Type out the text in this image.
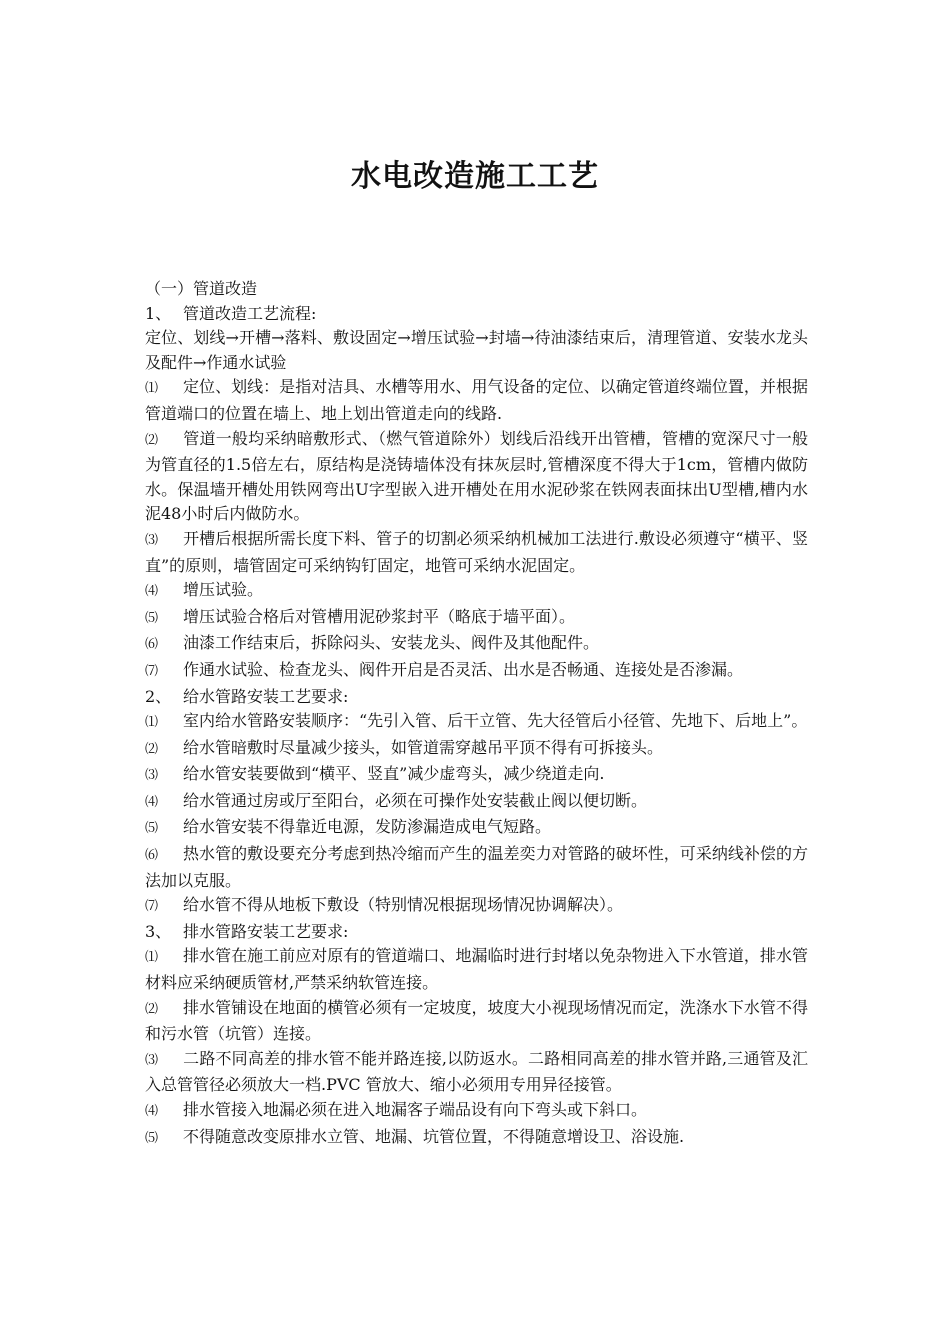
水电改造施工工艺

（一）管道改造

1、 管道改造工艺流程:

定位、划线→开槽→落料、敷设固定→增压试验→封墙→待油漆结束后，清理管道、安装水龙头及配件→作通水试验

⑴ 定位、划线：是指对洁具、水槽等用水、用气设备的定位、以确定管道终端位置，并根据管道端口的位置在墙上、地上划出管道走向的线路.

⑵ 管道一般均采纳暗敷形式、（燃气管道除外）划线后沿线开出管槽，管槽的宽深尺寸一般为管直径的1.5倍左右，原结构是浇铸墙体没有抹灰层时,管槽深度不得大于1cm，管槽内做防水。保温墙开槽处用铁网弯出U字型嵌入进开槽处在用水泥砂浆在铁网表面抹出U型槽,槽内水泥48小时后内做防水。

⑶ 开槽后根据所需长度下料、管子的切割必须采纳机械加工法进行.敷设必须遵守“横平、竖直”的原则，墙管固定可采纳钩钉固定，地管可采纳水泥固定。

⑷ 增压试验。

⑸ 增压试验合格后对管槽用泥砂浆封平（略底于墙平面）。

⑹ 油漆工作结束后，拆除闷头、安装龙头、阀件及其他配件。

⑺ 作通水试验、检查龙头、阀件开启是否灵活、出水是否畅通、连接处是否渗漏。

2、 给水管路安装工艺要求:

⑴ 室内给水管路安装顺序：“先引入管、后干立管、先大径管后小径管、先地下、后地上”。

⑵ 给水管暗敷时尽量减少接头，如管道需穿越吊平顶不得有可拆接头。

⑶ 给水管安装要做到“横平、竖直”减少虚弯头，减少绕道走向.

⑷ 给水管通过房或厅至阳台，必须在可操作处安装截止阀以便切断。

⑸ 给水管安装不得靠近电源，发防渗漏造成电气短路。

⑹ 热水管的敷设要充分考虑到热冷缩而产生的温差奕力对管路的破坏性，可采纳线补偿的方法加以克服。

⑺ 给水管不得从地板下敷设（特别情况根据现场情况协调解决）。

3、 排水管路安装工艺要求:

⑴ 排水管在施工前应对原有的管道端口、地漏临时进行封堵以免杂物进入下水管道，排水管材料应采纳硬质管材,严禁采纳软管连接。

⑵ 排水管铺设在地面的横管必须有一定坡度，坡度大小视现场情况而定，洗涤水下水管不得和污水管（坑管）连接。

⑶ 二路不同高差的排水管不能并路连接,以防返水。二路相同高差的排水管并路,三通管及汇入总管管径必须放大一档.PVC 管放大、缩小必须用专用异径接管。

⑷ 排水管接入地漏必须在进入地漏客子端品设有向下弯头或下斜口。

⑸ 不得随意改变原排水立管、地漏、坑管位置，不得随意增设卫、浴设施.
